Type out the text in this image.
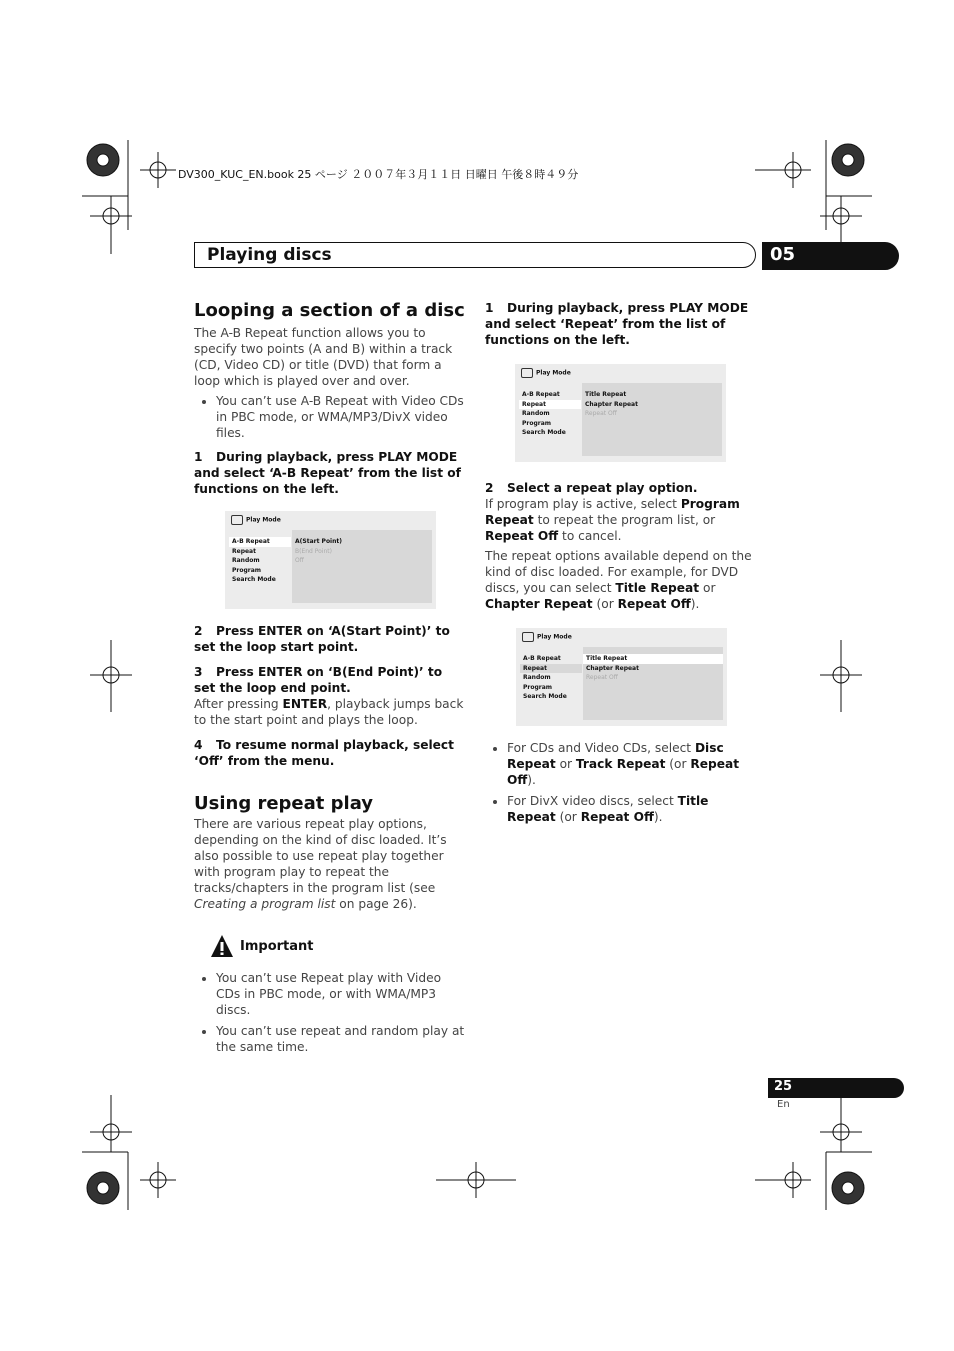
DV300_KUC_EN.book 25 ページ ２００７年３月１１日 日曜日 午後８時４９分
Playing discs	05
Looping a section of a disc

The A-B Repeat function allows you to specify two points (A and B) within a track (CD, Video CD) or title (DVD) that form a loop which is played over and over.

• You can’t use A-B Repeat with Video CDs in PBC mode, or WMA/MP3/DivX video files.

1 During playback, press PLAY MODE and select ‘A-B Repeat’ from the list of functions on the left.

Play Mode
A-B Repeat
Repeat
Random
Program
Search Mode
A(Start Point)
B(End Point)
Off

2 Press ENTER on ‘A(Start Point)’ to set the loop start point.

3 Press ENTER on ‘B(End Point)’ to set the loop end point.

After pressing ENTER, playback jumps back to the start point and plays the loop.

4 To resume normal playback, select ‘Off’ from the menu.

Using repeat play

There are various repeat play options, depending on the kind of disc loaded. It’s also possible to use repeat play together with program play to repeat the tracks/chapters in the program list (see Creating a program list on page 26).

Important
• You can’t use Repeat play with Video CDs in PBC mode, or with WMA/MP3 discs.
• You can’t use repeat and random play at the same time.

1 During playback, press PLAY MODE and select ‘Repeat’ from the list of functions on the left.

Play Mode
A-B Repeat
Repeat
Random
Program
Search Mode
Title Repeat
Chapter Repeat
Repeat Off

2 Select a repeat play option.

If program play is active, select Program Repeat to repeat the program list, or Repeat Off to cancel.

The repeat options available depend on the kind of disc loaded. For example, for DVD discs, you can select Title Repeat or Chapter Repeat (or Repeat Off).

Play Mode
A-B Repeat
Repeat
Random
Program
Search Mode
Title Repeat
Chapter Repeat
Repeat Off
• For CDs and Video CDs, select Disc Repeat or Track Repeat (or Repeat Off).
• For DivX video discs, select Title Repeat (or Repeat Off).
25
En
